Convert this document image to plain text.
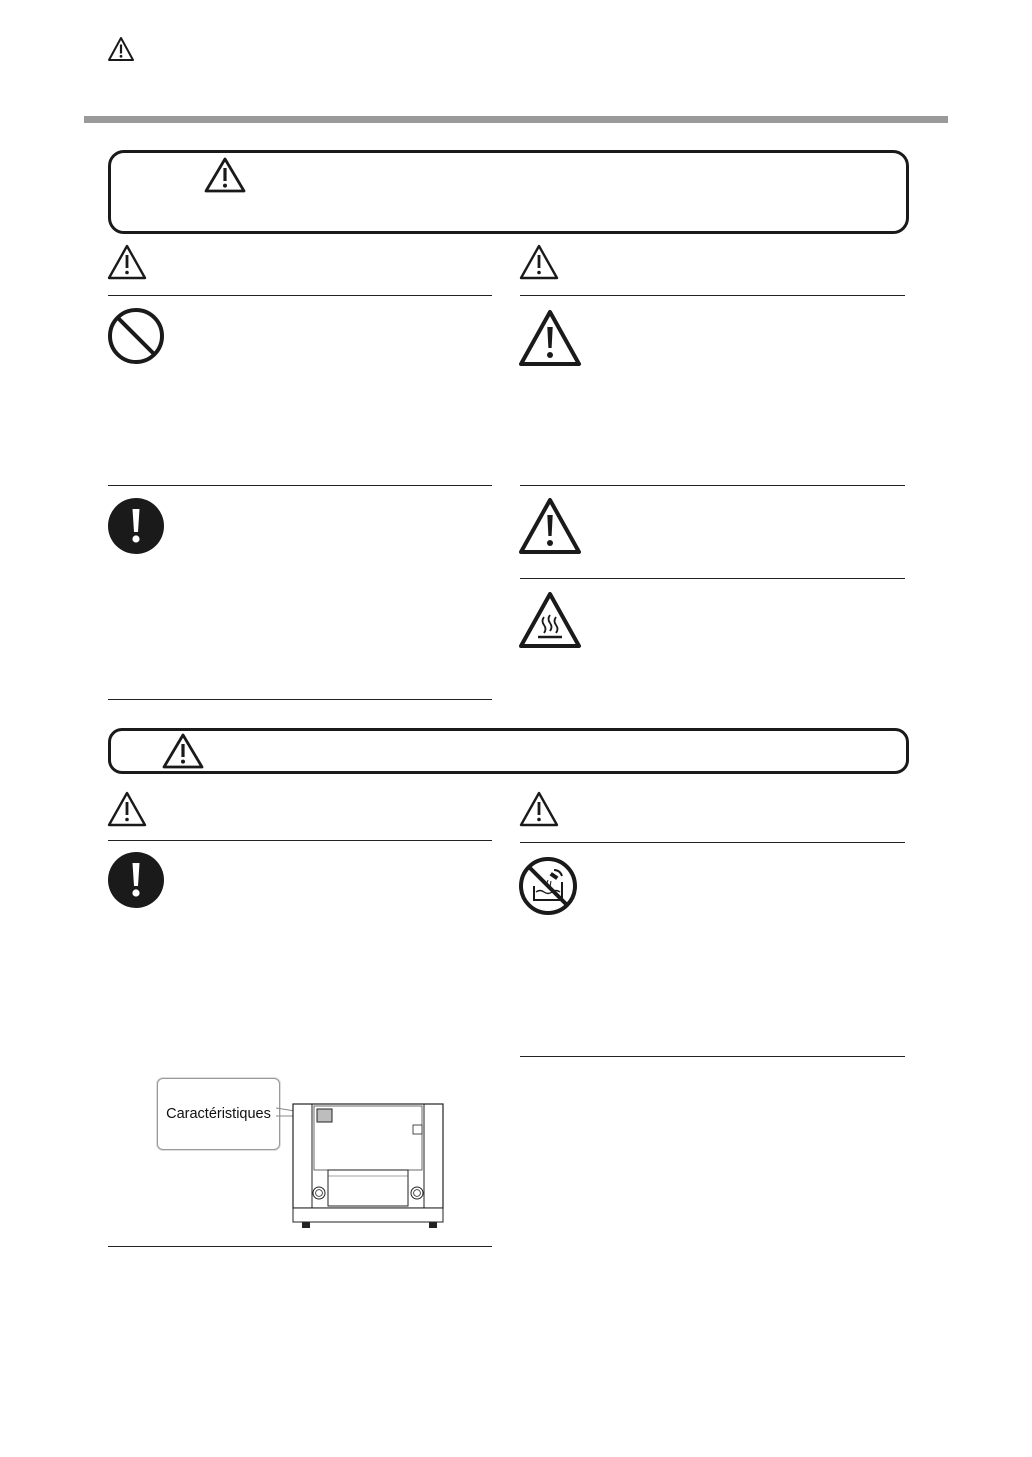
Caractéristiques
